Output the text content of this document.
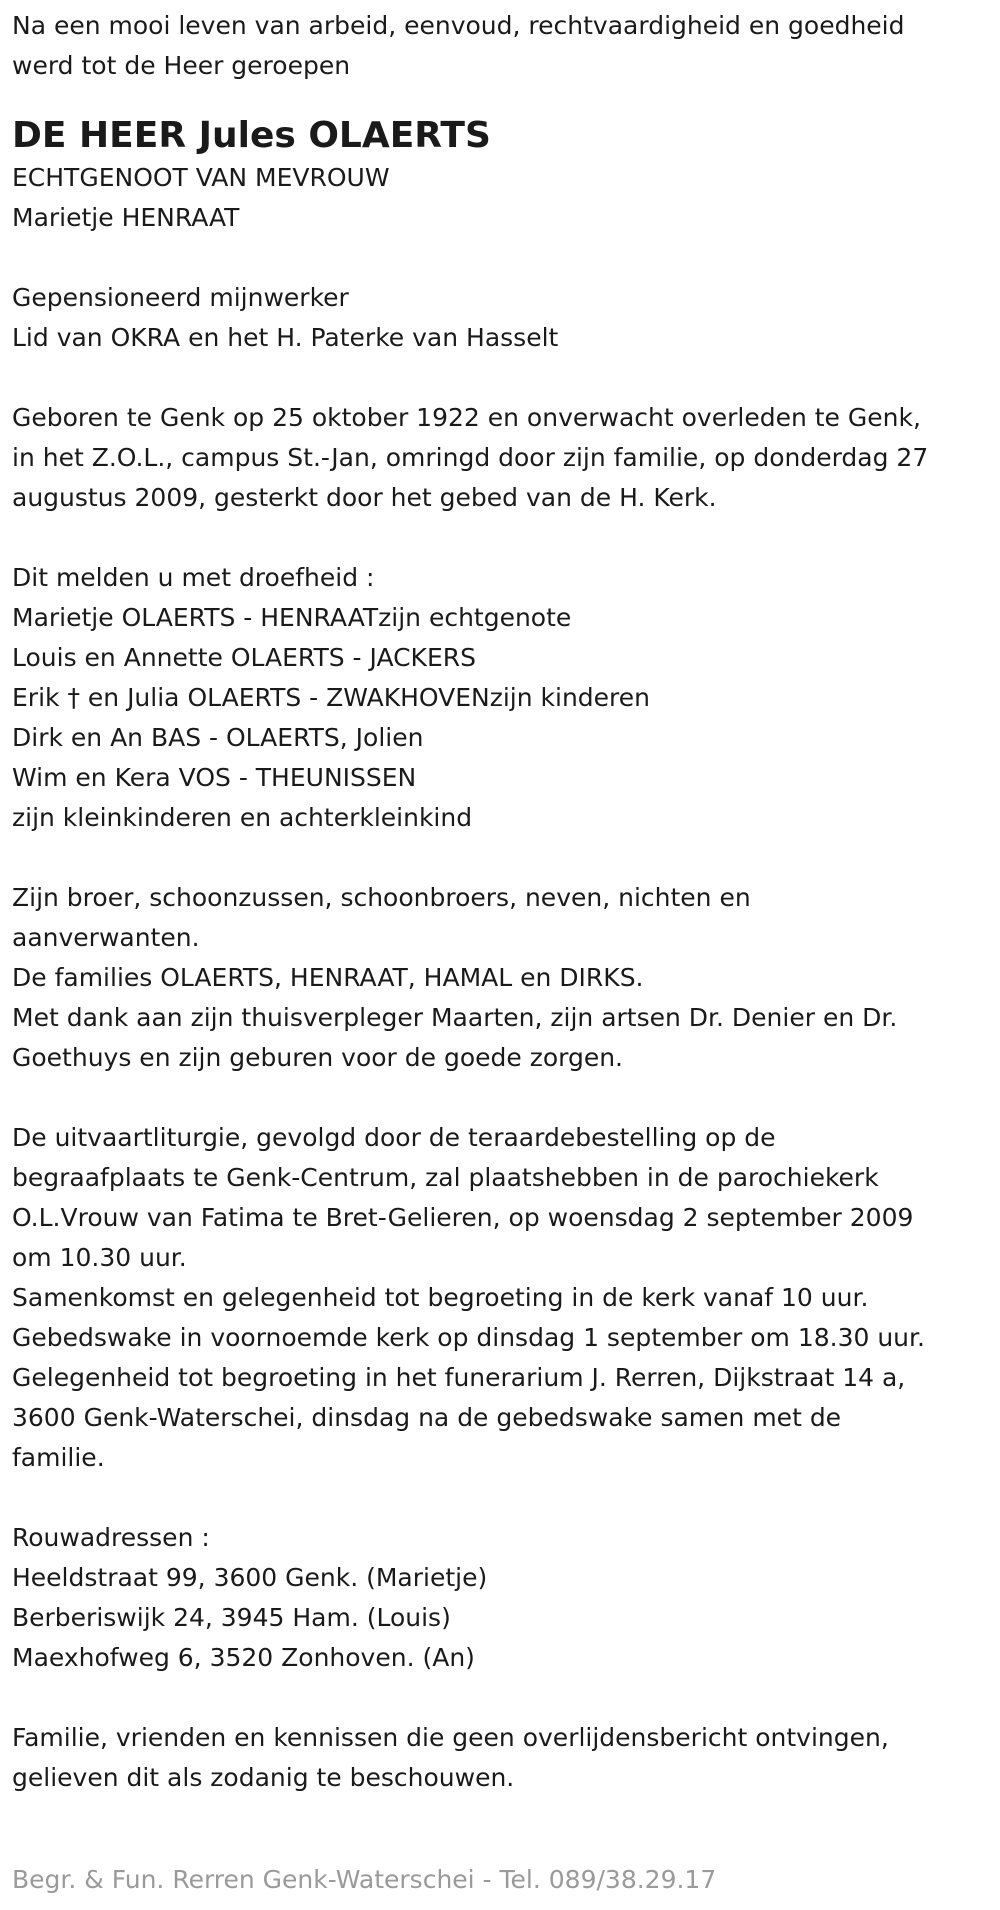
Na een mooi leven van arbeid, eenvoud, rechtvaardigheid en goedheid

werd tot de Heer geroepen

DE HEER Jules OLAERTS

ECHTGENOOT VAN MEVROUW

Marietje HENRAAT

Gepensioneerd mijnwerker

Lid van OKRA en het H. Paterke van Hasselt

Geboren te Genk op 25 oktober 1922 en onverwacht overleden te Genk,

in het Z.O.L., campus St.-Jan, omringd door zijn familie, op donderdag 27

augustus 2009, gesterkt door het gebed van de H. Kerk.

Dit melden u met droefheid :

Marietje OLAERTS - HENRAATzijn echtgenote

Louis en Annette OLAERTS - JACKERS

Erik † en Julia OLAERTS - ZWAKHOVENzijn kinderen

Dirk en An BAS - OLAERTS, Jolien

Wim en Kera VOS - THEUNISSEN

zijn kleinkinderen en achterkleinkind

Zijn broer, schoonzussen, schoonbroers, neven, nichten en

aanverwanten.

De families OLAERTS, HENRAAT, HAMAL en DIRKS.

Met dank aan zijn thuisverpleger Maarten, zijn artsen Dr. Denier en Dr.

Goethuys en zijn geburen voor de goede zorgen.

De uitvaartliturgie, gevolgd door de teraardebestelling op de

begraafplaats te Genk-Centrum, zal plaatshebben in de parochiekerk

O.L.Vrouw van Fatima te Bret-Gelieren, op woensdag 2 september 2009

om 10.30 uur.

Samenkomst en gelegenheid tot begroeting in de kerk vanaf 10 uur.

Gebedswake in voornoemde kerk op dinsdag 1 september om 18.30 uur.

Gelegenheid tot begroeting in het funerarium J. Rerren, Dijkstraat 14 a,

3600 Genk-Waterschei, dinsdag na de gebedswake samen met de

familie.

Rouwadressen :

Heeldstraat 99, 3600 Genk. (Marietje)

Berberiswijk 24, 3945 Ham. (Louis)

Maexhofweg 6, 3520 Zonhoven. (An)

Familie, vrienden en kennissen die geen overlijdensbericht ontvingen,

gelieven dit als zodanig te beschouwen.

Begr. & Fun. Rerren Genk-Waterschei - Tel. 089/38.29.17
